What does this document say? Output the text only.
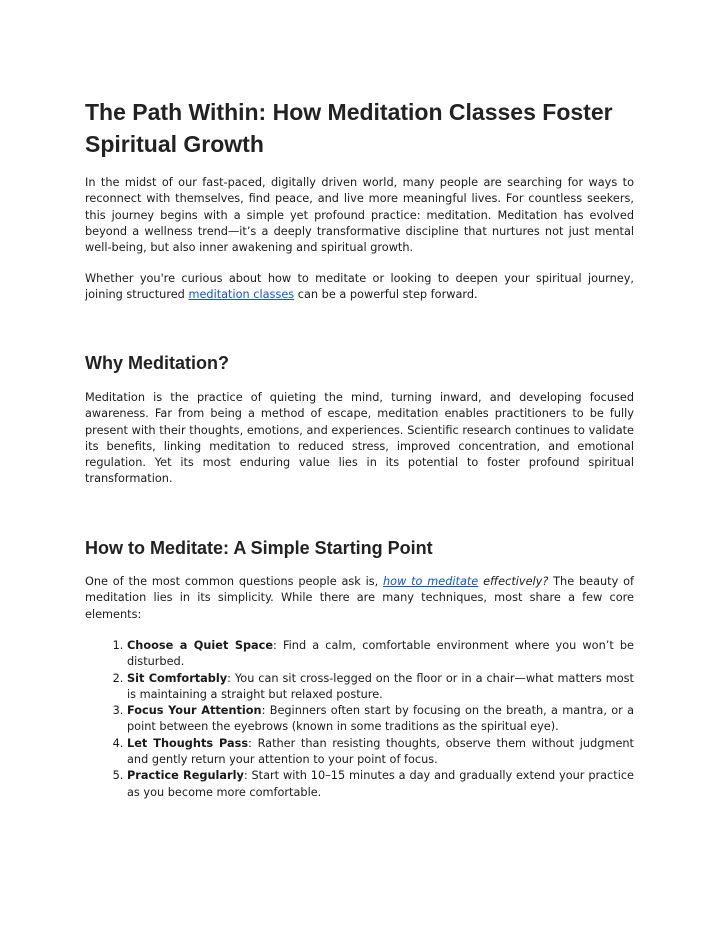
The Path Within: How Meditation Classes Foster Spiritual Growth

In the midst of our fast-paced, digitally driven world, many people are searching for ways to reconnect with themselves, find peace, and live more meaningful lives. For countless seekers, this journey begins with a simple yet profound practice: meditation. Meditation has evolved beyond a wellness trend—it’s a deeply transformative discipline that nurtures not just mental well-being, but also inner awakening and spiritual growth.

Whether you're curious about how to meditate or looking to deepen your spiritual journey, joining structured meditation classes can be a powerful step forward.

Why Meditation?

Meditation is the practice of quieting the mind, turning inward, and developing focused awareness. Far from being a method of escape, meditation enables practitioners to be fully present with their thoughts, emotions, and experiences. Scientific research continues to validate its benefits, linking meditation to reduced stress, improved concentration, and emotional regulation. Yet its most enduring value lies in its potential to foster profound spiritual transformation.

How to Meditate: A Simple Starting Point

One of the most common questions people ask is, how to meditate effectively? The beauty of meditation lies in its simplicity. While there are many techniques, most share a few core elements:

1. Choose a Quiet Space: Find a calm, comfortable environment where you won’t be disturbed.
2. Sit Comfortably: You can sit cross-legged on the floor or in a chair—what matters most is maintaining a straight but relaxed posture.
3. Focus Your Attention: Beginners often start by focusing on the breath, a mantra, or a point between the eyebrows (known in some traditions as the spiritual eye).
4. Let Thoughts Pass: Rather than resisting thoughts, observe them without judgment and gently return your attention to your point of focus.
5. Practice Regularly: Start with 10–15 minutes a day and gradually extend your practice as you become more comfortable.
